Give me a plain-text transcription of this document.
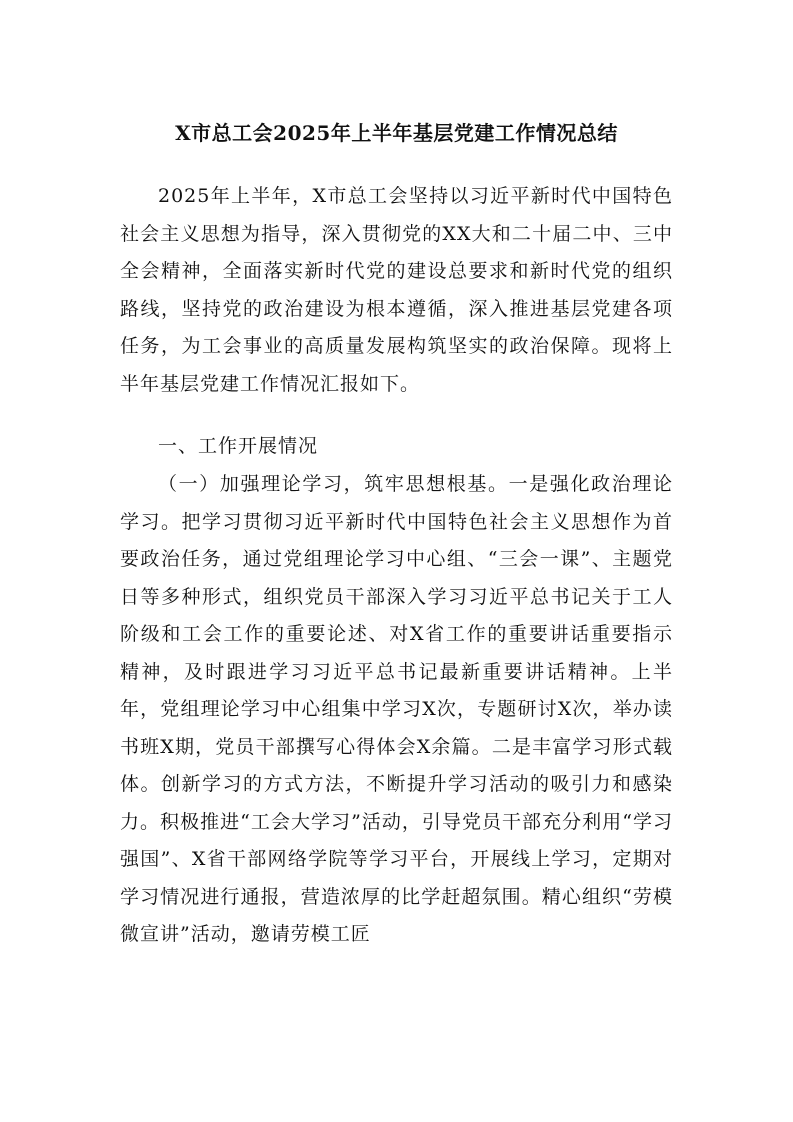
X市总工会2025年上半年基层党建工作情况总结

2025年上半年，X市总工会坚持以习近平新时代中国特色社会主义思想为指导，深入贯彻党的XX大和二十届二中、三中全会精神，全面落实新时代党的建设总要求和新时代党的组织路线，坚持党的政治建设为根本遵循，深入推进基层党建各项任务，为工会事业的高质量发展构筑坚实的政治保障。现将上半年基层党建工作情况汇报如下。

一、工作开展情况

（一）加强理论学习，筑牢思想根基。一是强化政治理论学习。把学习贯彻习近平新时代中国特色社会主义思想作为首要政治任务，通过党组理论学习中心组、“三会一课”、主题党日等多种形式，组织党员干部深入学习习近平总书记关于工人阶级和工会工作的重要论述、对X省工作的重要讲话重要指示精神，及时跟进学习习近平总书记最新重要讲话精神。上半年，党组理论学习中心组集中学习X次，专题研讨X次，举办读书班X期，党员干部撰写心得体会X余篇。二是丰富学习形式载体。创新学习的方式方法，不断提升学习活动的吸引力和感染力。积极推进“工会大学习”活动，引导党员干部充分利用“学习强国”、X省干部网络学院等学习平台，开展线上学习，定期对学习情况进行通报，营造浓厚的比学赶超氛围。精心组织“劳模微宣讲”活动，邀请劳模工匠
